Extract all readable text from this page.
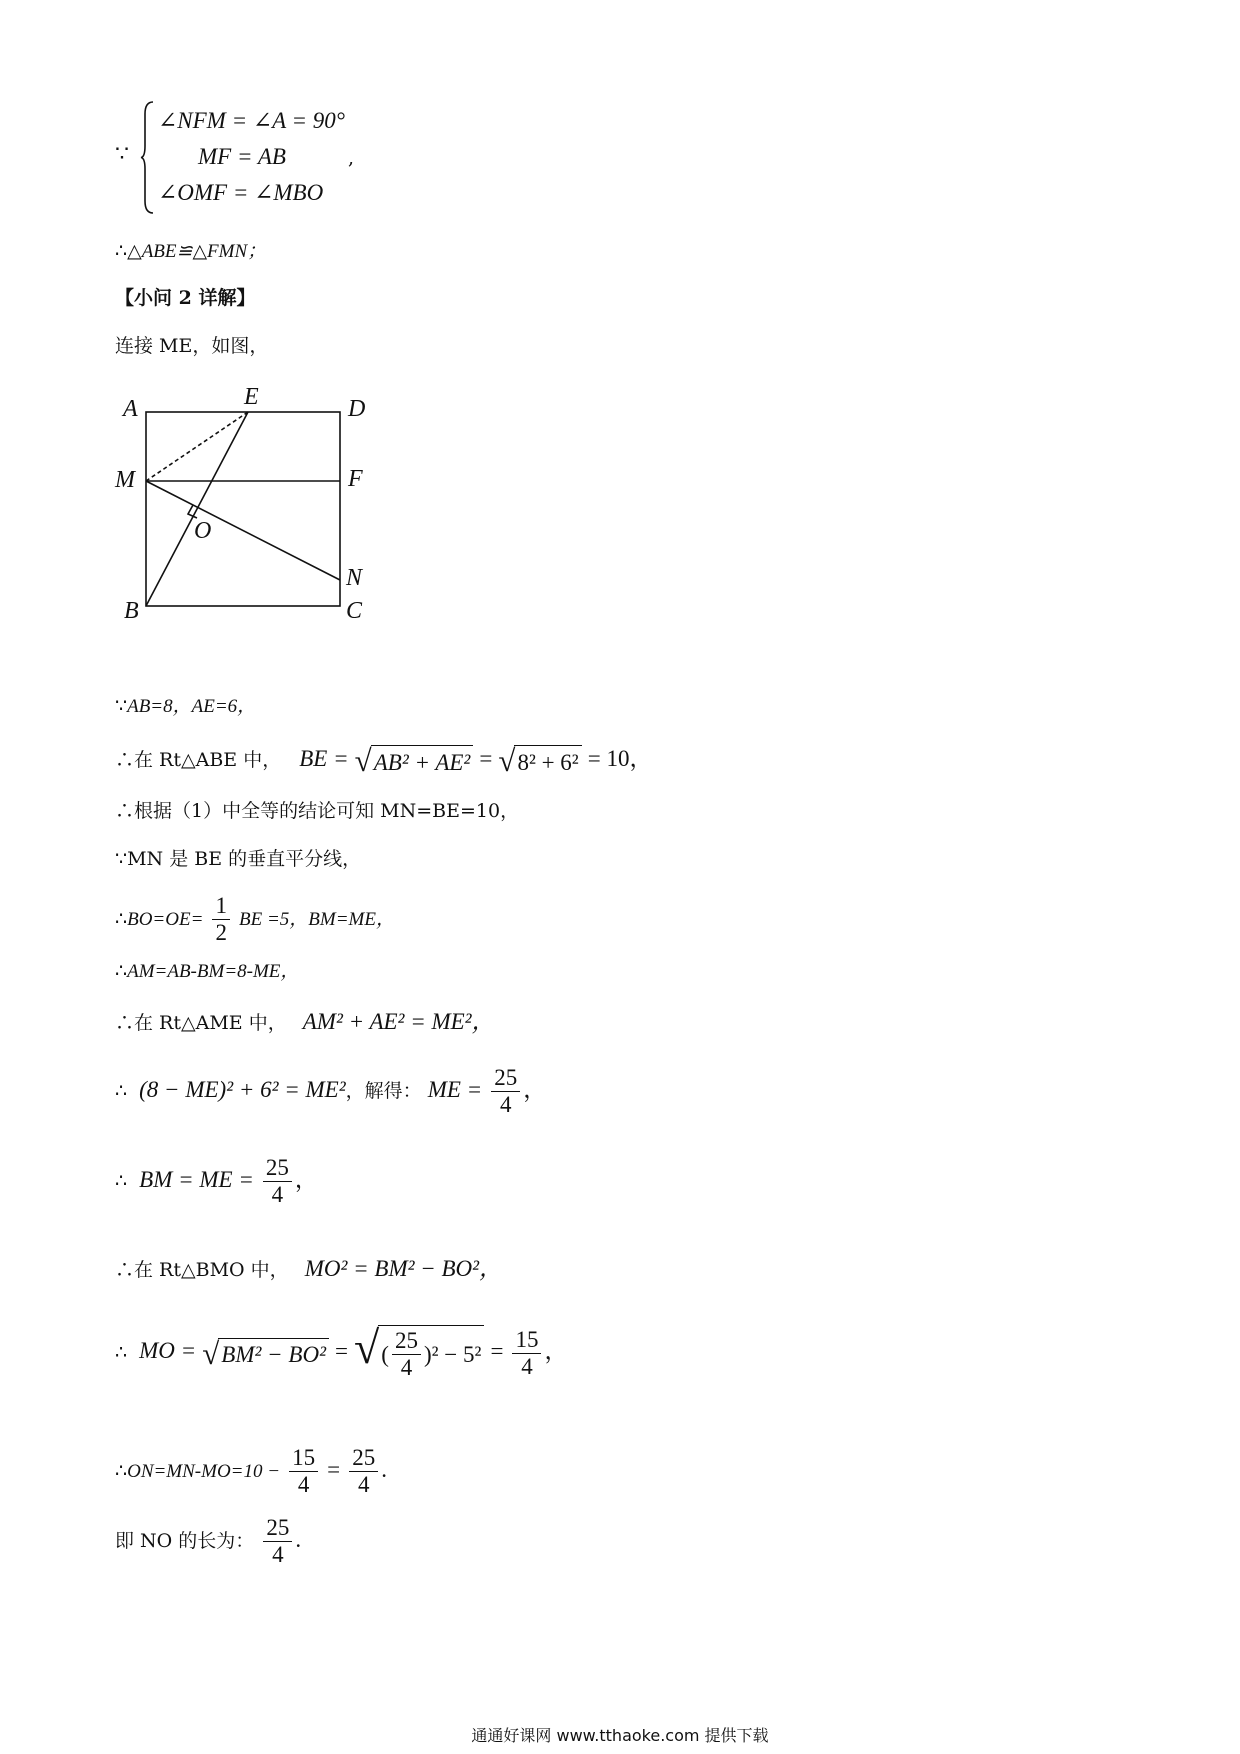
∵
∠NFM = ∠A = 90°
MF = AB
∠OMF = ∠MBO
,
∴△ABE≌△FMN；
【小问 2 详解】
连接 ME，如图，
A	E	D
M	F
O
N
B	C
∵AB=8，AE=6，
∴在 Rt△ABE 中， BE = √ AB² + AE² = √ 8² + 6² = 10，
∴根据（1）中全等的结论可知 MN=BE=10，
∵MN 是 BE 的垂直平分线，
∴BO=OE= $\frac{1}{2}$ BE =5，BM=ME，
∴AM=AB-BM=8-ME，
∴在 Rt△AME 中， AM² + AE² = ME²，
∴ (8 − ME)² + 6² = ME²，解得： ME = $\frac{25}{4}$ ，
∴ BM = ME = $\frac{25}{4}$ ，
∴在 Rt△BMO 中， MO² = BM² − BO²，
∴ MO = √ BM² − BO² = √ ( $\frac{25}{4} )^2 - 5^2 = \frac{15}{4}$ ，
∴ON=MN-MO=10 − $\frac{15}{4} = \frac{25}{4}$ .
即 NO 的长为： $\frac{25}{4}$ .
通通好课网 www.tthaoke.com 提供下载
